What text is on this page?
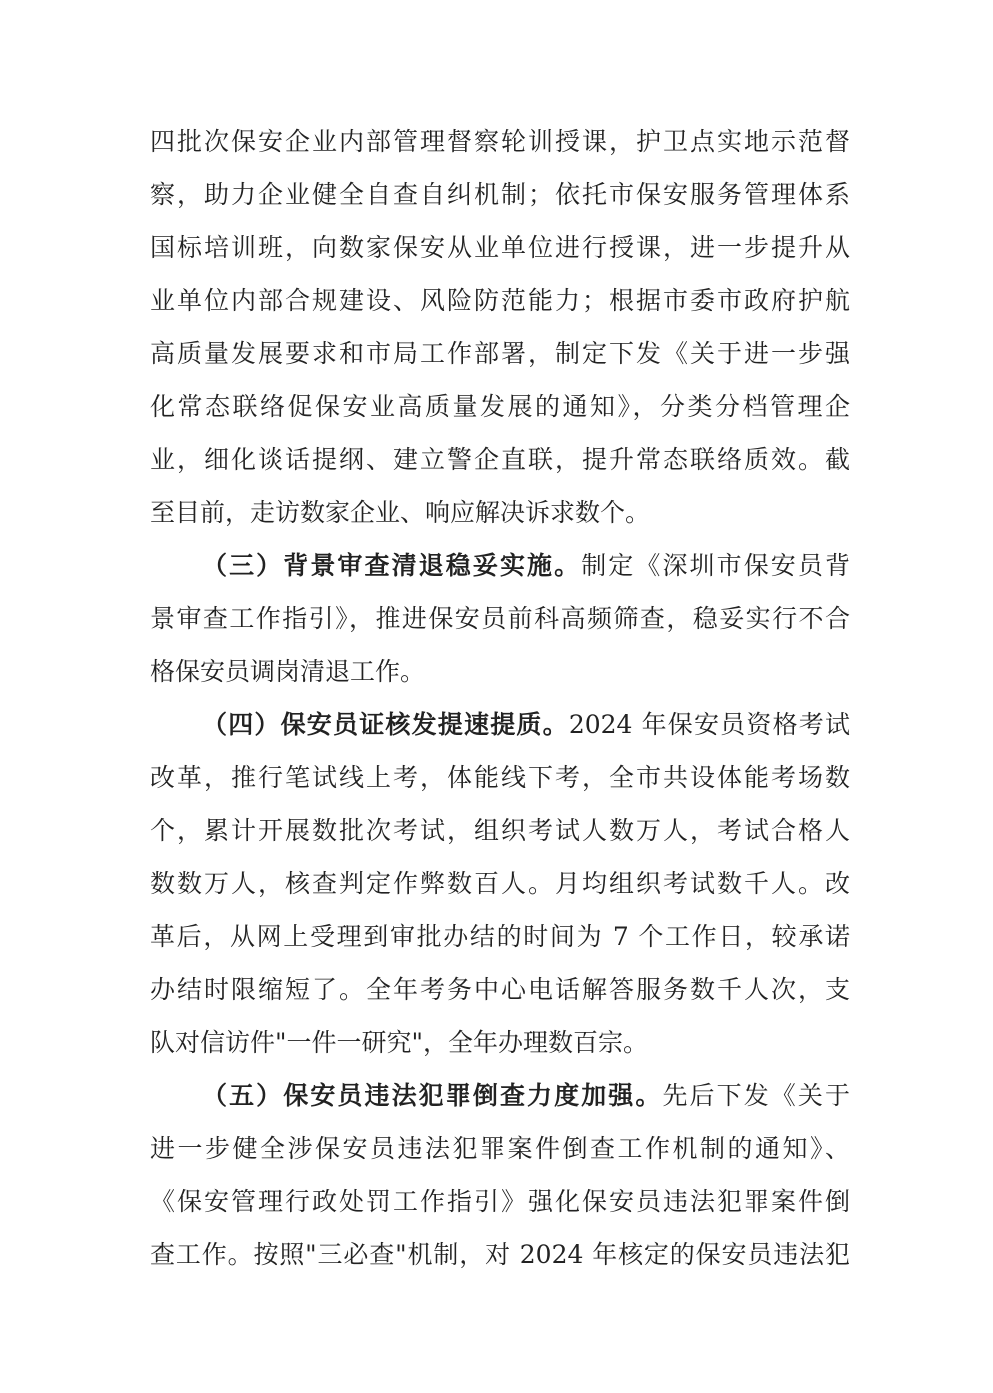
四批次保安企业内部管理督察轮训授课，护卫点实地示范督
察，助力企业健全自查自纠机制；依托市保安服务管理体系
国标培训班，向数家保安从业单位进行授课，进一步提升从
业单位内部合规建设、风险防范能力；根据市委市政府护航
高质量发展要求和市局工作部署，制定下发《关于进一步强
化常态联络促保安业高质量发展的通知》，分类分档管理企
业，细化谈话提纲、建立警企直联，提升常态联络质效。截
至目前，走访数家企业、响应解决诉求数个。
（三）背景审查清退稳妥实施。制定《深圳市保安员背
景审查工作指引》，推进保安员前科高频筛查，稳妥实行不合
格保安员调岗清退工作。
（四）保安员证核发提速提质。2024 年保安员资格考试
改革，推行笔试线上考，体能线下考，全市共设体能考场数
个，累计开展数批次考试，组织考试人数万人，考试合格人
数数万人，核查判定作弊数百人。月均组织考试数千人。改
革后，从网上受理到审批办结的时间为 7 个工作日，较承诺
办结时限缩短了。全年考务中心电话解答服务数千人次，支
队对信访件"一件一研究"，全年办理数百宗。
（五）保安员违法犯罪倒查力度加强。先后下发《关于
进一步健全涉保安员违法犯罪案件倒查工作机制的通知》、
《保安管理行政处罚工作指引》强化保安员违法犯罪案件倒
查工作。按照"三必查"机制，对 2024 年核定的保安员违法犯
